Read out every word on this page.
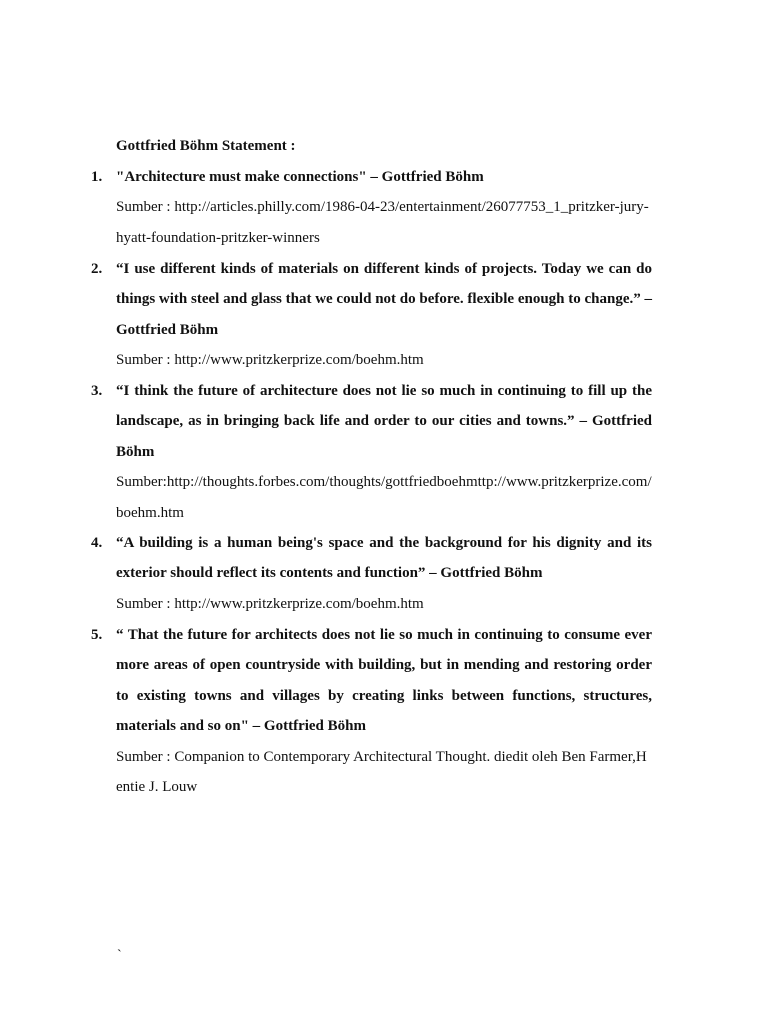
Gottfried Böhm Statement :
1. "Architecture must make connections" – Gottfried Böhm

Sumber : http://articles.philly.com/1986-04-23/entertainment/26077753_1_pritzker-jury-hyatt-foundation-pritzker-winners

2. “I use different kinds of materials on different kinds of projects. Today we can do things with steel and glass that we could not do before. flexible enough to change.” – Gottfried Böhm

Sumber : http://www.pritzkerprize.com/boehm.htm

3. “I think the future of architecture does not lie so much in continuing to fill up the landscape, as in bringing back life and order to our cities and towns.” – Gottfried Böhm

Sumber:http://thoughts.forbes.com/thoughts/gottfriedboehmttp://www.pritzkerprize.com/boehm.htm

4. “A building is a human being's space and the background for his dignity and its exterior should reflect its contents and function” – Gottfried Böhm

Sumber : http://www.pritzkerprize.com/boehm.htm

5. “ That the future for architects does not lie so much in continuing to consume ever more areas of open countryside with building, but in mending and restoring order to existing towns and villages by creating links between functions, structures, materials and so on" – Gottfried Böhm

Sumber : Companion to Contemporary Architectural Thought. diedit oleh Ben Farmer,Hentie J. Louw

`
